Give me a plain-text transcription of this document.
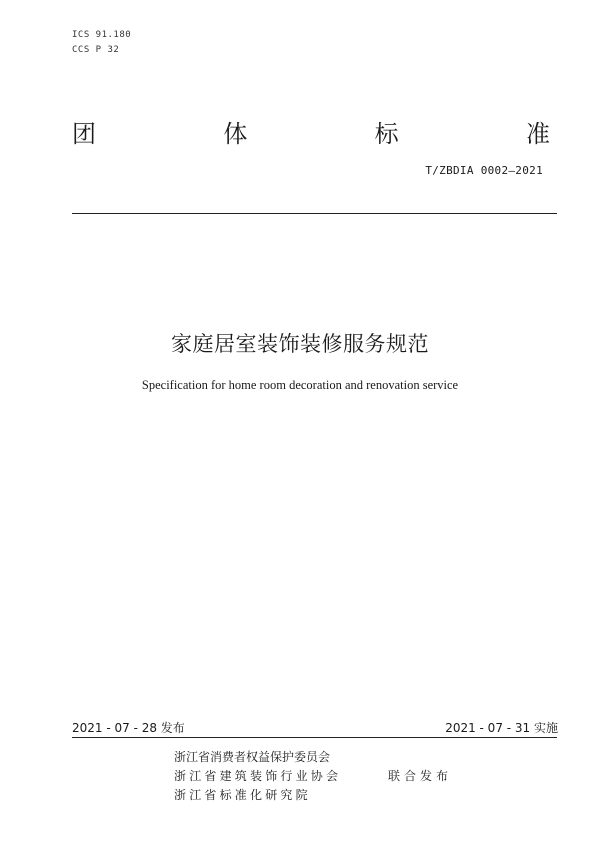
ICS 91.180
CCS P 32
团	体	标	准
T/ZBDIA 0002—2021
家庭居室装饰装修服务规范
Specification for home room decoration and renovation service
2021 - 07 - 28 发布	2021 - 07 - 31 实施
浙江省消费者权益保护委员会
浙江省建筑装饰行业协会
浙江省标准化研究院
联合发布
